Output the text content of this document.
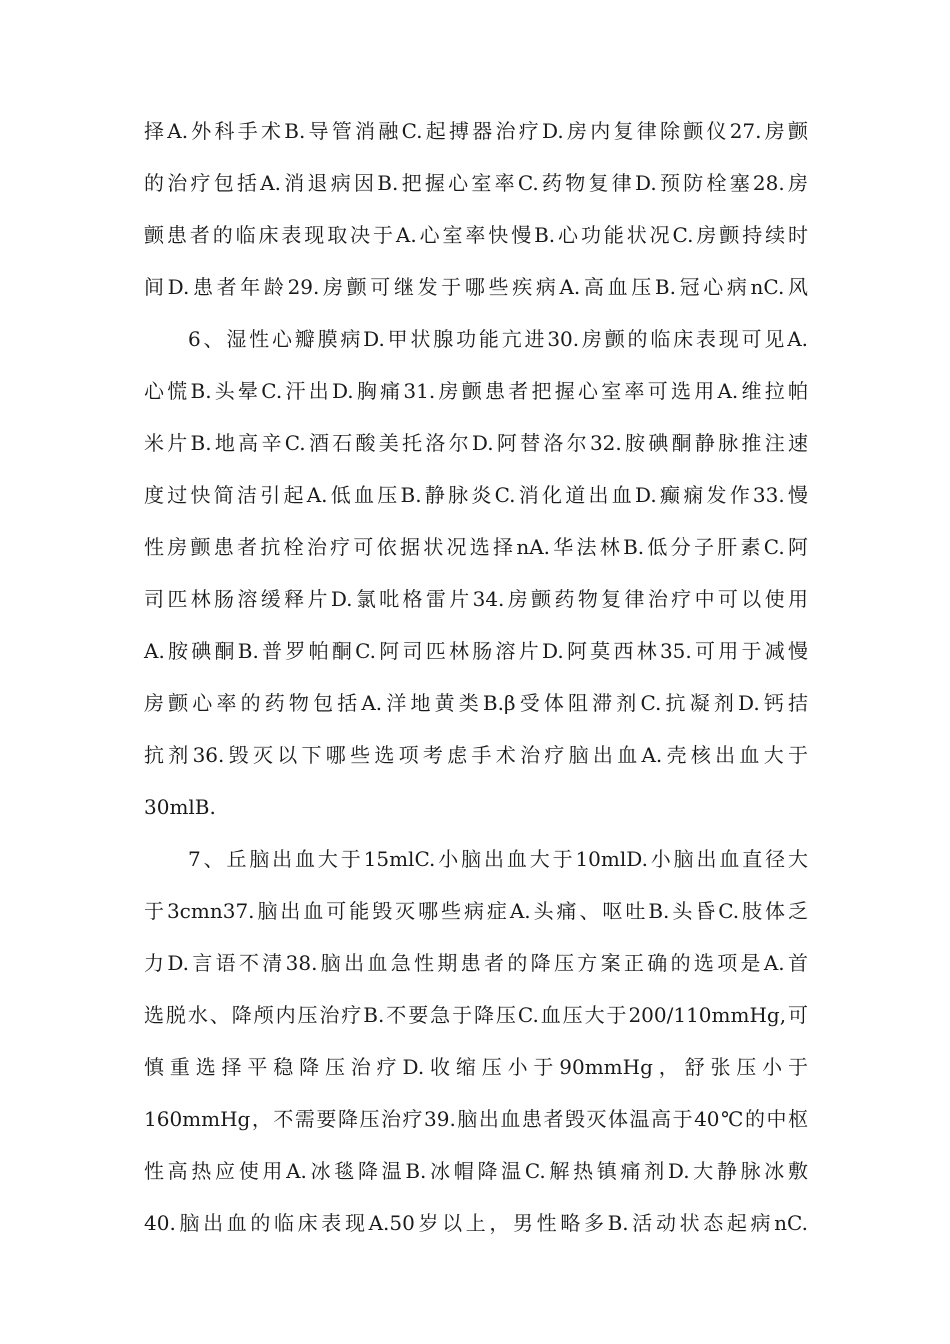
择A.外科手术B.导管消融C.起搏器治疗D.房内复律除颤仪27.房颤
的治疗包括A.消退病因B.把握心室率C.药物复律D.预防栓塞28.房
颤患者的临床表现取决于A.心室率快慢B.心功能状况C.房颤持续时
间D.患者年龄29.房颤可继发于哪些疾病A.高血压B.冠心病nC.风
6、湿性心瓣膜病D.甲状腺功能亢进30.房颤的临床表现可见A.
心慌B.头晕C.汗出D.胸痛31.房颤患者把握心室率可选用A.维拉帕
米片B.地高辛C.酒石酸美托洛尔D.阿替洛尔32.胺碘酮静脉推注速
度过快简洁引起A.低血压B.静脉炎C.消化道出血D.癫痫发作33.慢
性房颤患者抗栓治疗可依据状况选择nA.华法林B.低分子肝素C.阿
司匹林肠溶缓释片D.氯吡格雷片34.房颤药物复律治疗中可以使用
A.胺碘酮B.普罗帕酮C.阿司匹林肠溶片D.阿莫西林35.可用于减慢
房颤心率的药物包括A.洋地黄类B.β受体阻滞剂C.抗凝剂D.钙拮
抗剂36.毁灭以下哪些选项考虑手术治疗脑出血A.壳核出血大于
30mlB.
7、丘脑出血大于15mlC.小脑出血大于10mlD.小脑出血直径大
于3cmn37.脑出血可能毁灭哪些病症A.头痛、呕吐B.头昏C.肢体乏
力D.言语不清38.脑出血急性期患者的降压方案正确的选项是A.首
选脱水、降颅内压治疗B.不要急于降压C.血压大于200/110mmHg,可
慎重选择平稳降压治疗D.收缩压小于90mmHg，舒张压小于
160mmHg，不需要降压治疗39.脑出血患者毁灭体温高于40℃的中枢
性高热应使用A.冰毯降温B.冰帽降温C.解热镇痛剂D.大静脉冰敷
40.脑出血的临床表现A.50岁以上，男性略多B.活动状态起病nC.
